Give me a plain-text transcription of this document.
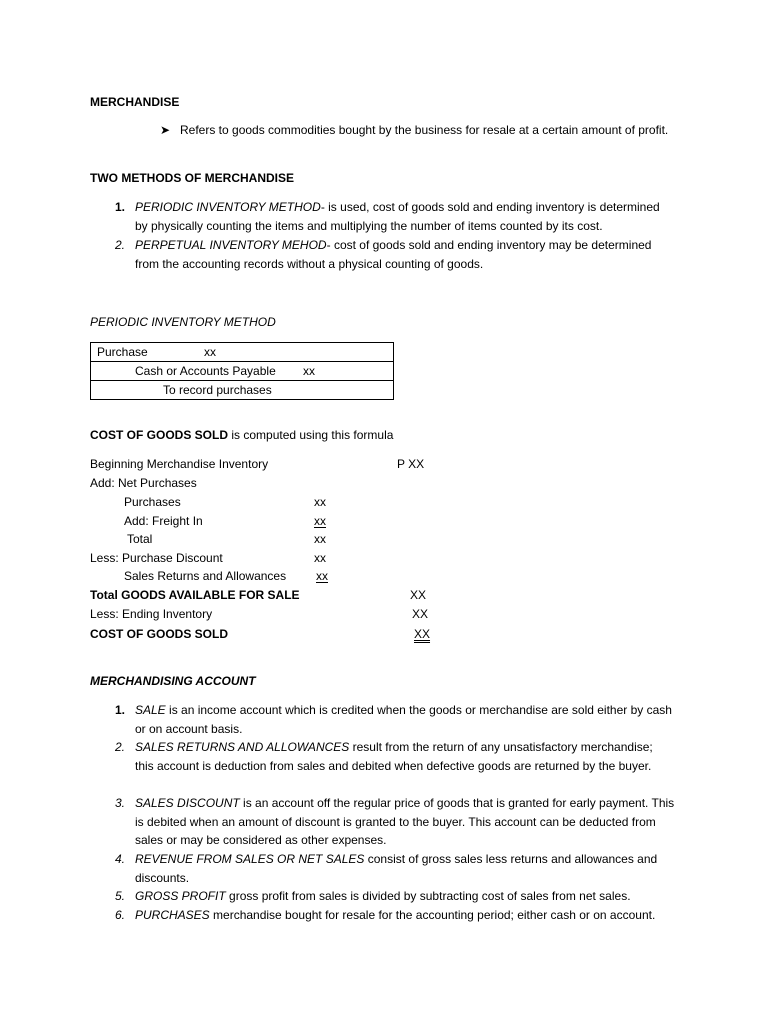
MERCHANDISE
➤ Refers to goods commodities bought by the business for resale at a certain amount of profit.
TWO METHODS OF MERCHANDISE
1. PERIODIC INVENTORY METHOD- is used, cost of goods sold and ending inventory is determined by physically counting the items and multiplying the number of items counted by its cost.
2. PERPETUAL INVENTORY MEHOD- cost of goods sold and ending inventory may be determined from the accounting records without a physical counting of goods.
PERIODIC INVENTORY METHOD
Purchase	xx
Cash or Accounts Payable xx
To record purchases
COST OF GOODS SOLD is computed using this formula
Beginning Merchandise Inventory	P XX
Add: Net Purchases
Purchases	xx
Add: Freight In	xx
Total	xx
Less: Purchase Discount	xx
Sales Returns and Allowances xx
Total GOODS AVAILABLE FOR SALE	XX
Less: Ending Inventory	XX
COST OF GOODS SOLD	XX
MERCHANDISING ACCOUNT
1. SALE is an income account which is credited when the goods or merchandise are sold either by cash or on account basis.
2. SALES RETURNS AND ALLOWANCES result from the return of any unsatisfactory merchandise; this account is deduction from sales and debited when defective goods are returned by the buyer.
3. SALES DISCOUNT is an account off the regular price of goods that is granted for early payment. This is debited when an amount of discount is granted to the buyer. This account can be deducted from sales or may be considered as other expenses.
4. REVENUE FROM SALES OR NET SALES consist of gross sales less returns and allowances and discounts.
5. GROSS PROFIT gross profit from sales is divided by subtracting cost of sales from net sales.
6. PURCHASES merchandise bought for resale for the accounting period; either cash or on account.
